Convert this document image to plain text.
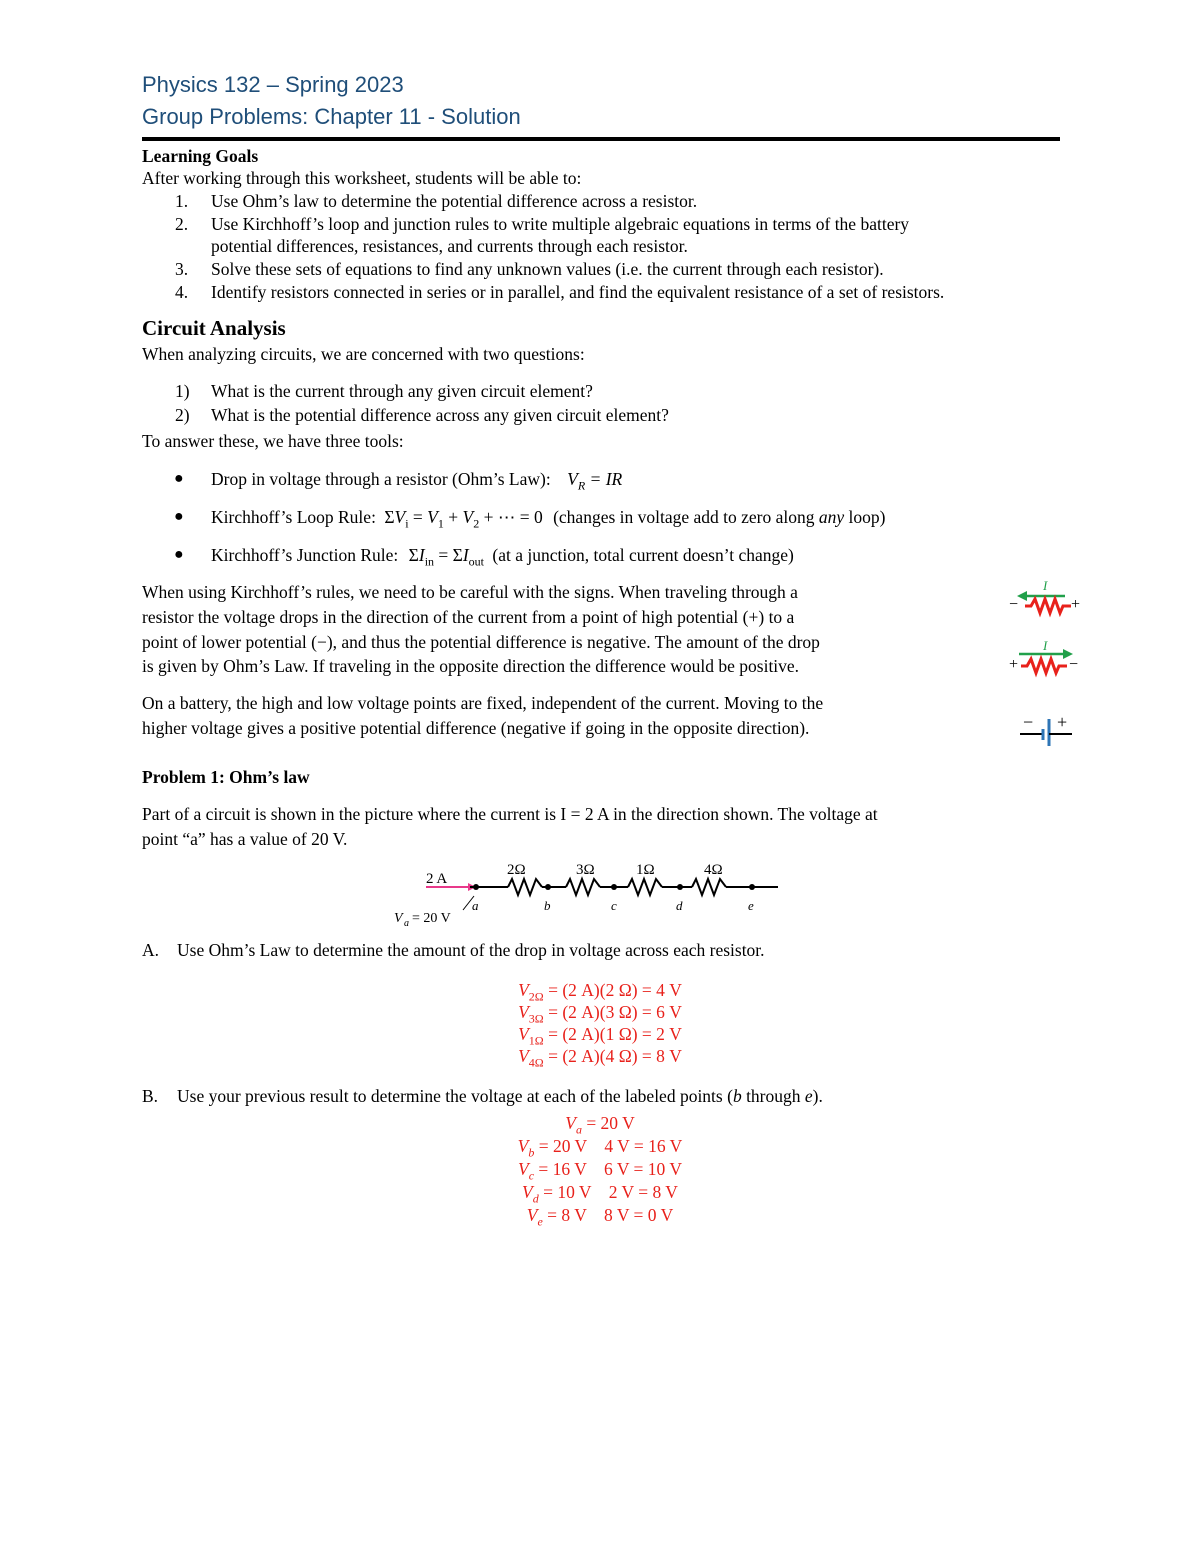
Physics 132 – Spring 2023
Group Problems: Chapter 11 - Solution

Learning Goals

After working through this worksheet, students will be able to:

1. Use Ohm’s law to determine the potential difference across a resistor.

2. Use Kirchhoff’s loop and junction rules to write multiple algebraic equations in terms of the battery

potential differences, resistances, and currents through each resistor.

3. Solve these sets of equations to find any unknown values (i.e. the current through each resistor).

4. Identify resistors connected in series or in parallel, and find the equivalent resistance of a set of resistors.

Circuit Analysis

When analyzing circuits, we are concerned with two questions:

1) What is the current through any given circuit element?

2) What is the potential difference across any given circuit element?

To answer these, we have three tools:

● Drop in voltage through a resistor (Ohm’s Law): $V_R$ = IR

● Kirchhoff’s Loop Rule: $\Sigma V_i = V_1 + V_2$ + ⋯ = 0 (changes in voltage add to zero along any loop)

● Kirchhoff’s Junction Rule: $\Sigma I_{in} = \Sigma I_{out}$ (at a junction, total current doesn’t change)

When using Kirchhoff’s rules, we need to be careful with the signs. When traveling through a

resistor the voltage drops in the direction of the current from a point of high potential (+) to a

point of lower potential (−), and thus the potential difference is negative. The amount of the drop

is given by Ohm’s Law. If traveling in the opposite direction the difference would be positive.

On a battery, the high and low voltage points are fixed, independent of the current. Moving to the

higher voltage gives a positive potential difference (negative if going in the opposite direction).

I
−	+
I
+	−
− +

Problem 1: Ohm’s law

Part of a circuit is shown in the picture where the current is I = 2 A in the direction shown. The voltage at

point “a” has a value of 20 V.

2 A
2Ω	3Ω	1Ω	4Ω
a	b	c	d	e
V a = 20 V
A. Use Ohm’s Law to determine the amount of the drop in voltage across each resistor.

$V_{2\Omega} = (2$ A)(2 Ω) = 4 V

$V_{3\Omega} = (2$ A)(3 Ω) = 6 V

$V_{1\Omega} = (2$ A)(1 Ω) = 2 V

$V_{4\Omega} = (2$ A)(4 Ω) = 8 V

B. Use your previous result to determine the voltage at each of the labeled points (b through e).

$V_a = 20$ V

$V_b = 20$ V    4 V = 16 V

$V_c = 16$ V    6 V = 10 V

$V_d = 10$ V    2 V = 8 V

$V_e = 8$ V    8 V = 0 V
